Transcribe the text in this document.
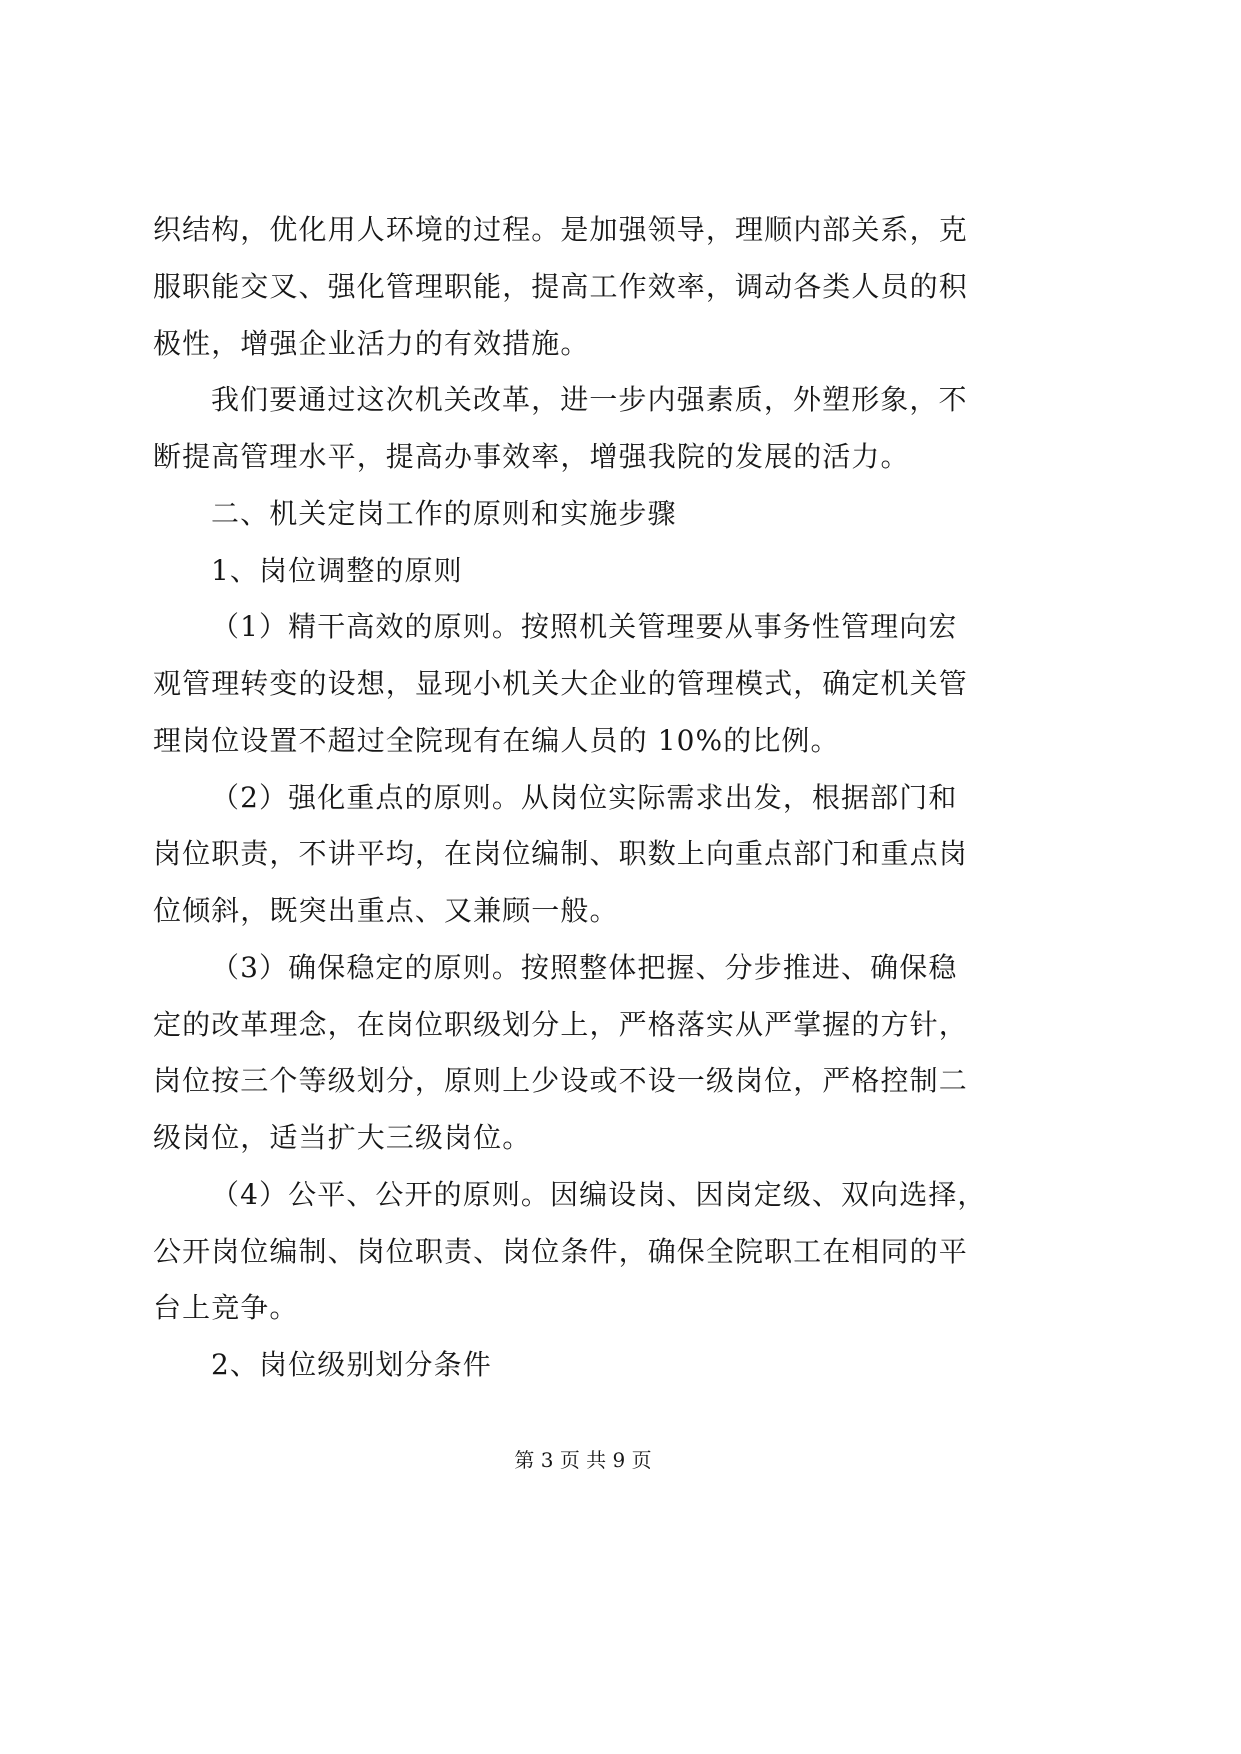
织结构，优化用人环境的过程。是加强领导，理顺内部关系，克
服职能交叉、强化管理职能，提高工作效率，调动各类人员的积
极性，增强企业活力的有效措施。
我们要通过这次机关改革，进一步内强素质，外塑形象，不
断提高管理水平，提高办事效率，增强我院的发展的活力。
二、机关定岗工作的原则和实施步骤
1、岗位调整的原则
（1）精干高效的原则。按照机关管理要从事务性管理向宏
观管理转变的设想，显现小机关大企业的管理模式，确定机关管
理岗位设置不超过全院现有在编人员的 10%的比例。
（2）强化重点的原则。从岗位实际需求出发，根据部门和
岗位职责，不讲平均，在岗位编制、职数上向重点部门和重点岗
位倾斜，既突出重点、又兼顾一般。
（3）确保稳定的原则。按照整体把握、分步推进、确保稳
定的改革理念，在岗位职级划分上，严格落实从严掌握的方针，
岗位按三个等级划分，原则上少设或不设一级岗位，严格控制二
级岗位，适当扩大三级岗位。
（4）公平、公开的原则。因编设岗、因岗定级、双向选择，
公开岗位编制、岗位职责、岗位条件，确保全院职工在相同的平
台上竞争。
2、岗位级别划分条件
第 3 页 共 9 页
